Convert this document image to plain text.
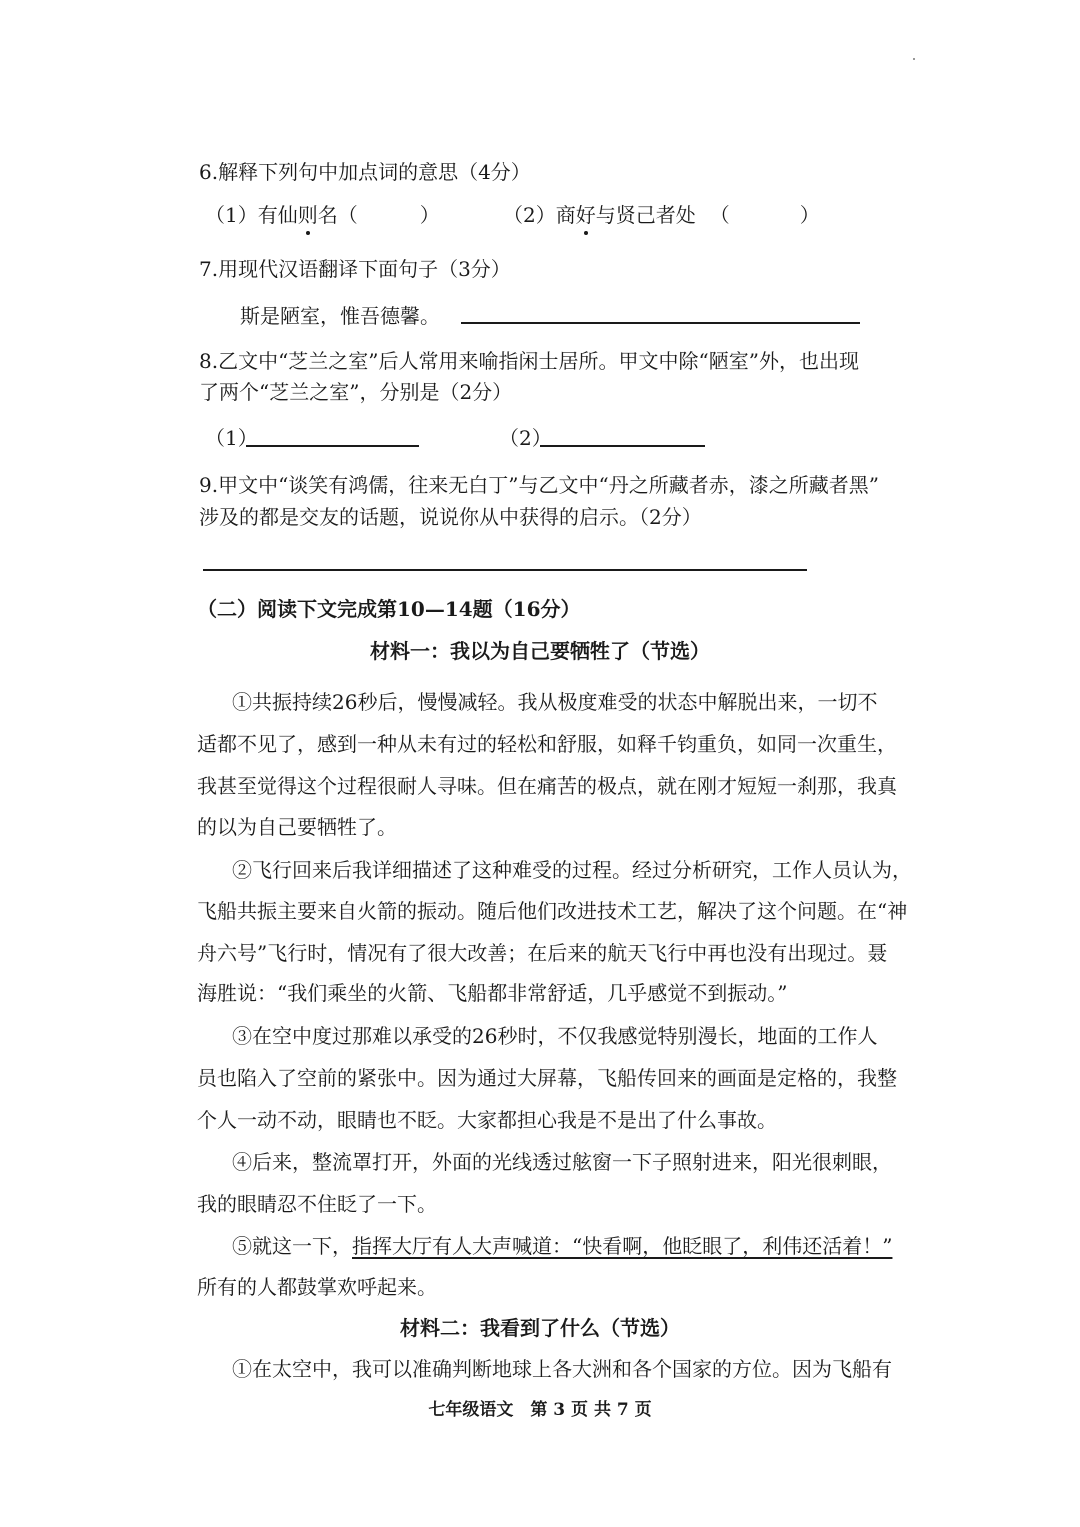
6.解释下列句中加点词的意思（4分）
（1）有仙则名（	）	（2）商好与贤己者处 （	）
7.用现代汉语翻译下面句子（3分）
斯是陋室，惟吾德馨。
8.乙文中“芝兰之室”后人常用来喻指闲士居所。甲文中除“陋室”外，也出现
了两个“芝兰之室”，分别是（2分）
（1）	（2）
9.甲文中“谈笑有鸿儒，往来无白丁”与乙文中“丹之所藏者赤，漆之所藏者黑”
涉及的都是交友的话题，说说你从中获得的启示。（2分）
（二）阅读下文完成第10—14题（16分）
材料一：我以为自己要牺牲了（节选）
①共振持续26秒后，慢慢减轻。我从极度难受的状态中解脱出来，一切不
适都不见了，感到一种从未有过的轻松和舒服，如释千钧重负，如同一次重生，
我甚至觉得这个过程很耐人寻味。但在痛苦的极点，就在刚才短短一刹那，我真
的以为自己要牺牲了。
②飞行回来后我详细描述了这种难受的过程。经过分析研究，工作人员认为，
飞船共振主要来自火箭的振动。随后他们改进技术工艺，解决了这个问题。在“神
舟六号”飞行时，情况有了很大改善；在后来的航天飞行中再也没有出现过。聂
海胜说：“我们乘坐的火箭、飞船都非常舒适，几乎感觉不到振动。”
③在空中度过那难以承受的26秒时，不仅我感觉特别漫长，地面的工作人
员也陷入了空前的紧张中。因为通过大屏幕，飞船传回来的画面是定格的，我整
个人一动不动，眼睛也不眨。大家都担心我是不是出了什么事故。
④后来，整流罩打开，外面的光线透过舷窗一下子照射进来，阳光很刺眼，
我的眼睛忍不住眨了一下。
⑤就这一下，指挥大厅有人大声喊道：“快看啊，他眨眼了，利伟还活着！”
所有的人都鼓掌欢呼起来。
材料二：我看到了什么（节选）
①在太空中，我可以准确判断地球上各大洲和各个国家的方位。因为飞船有
七年级语文　第 3 页 共 7 页
